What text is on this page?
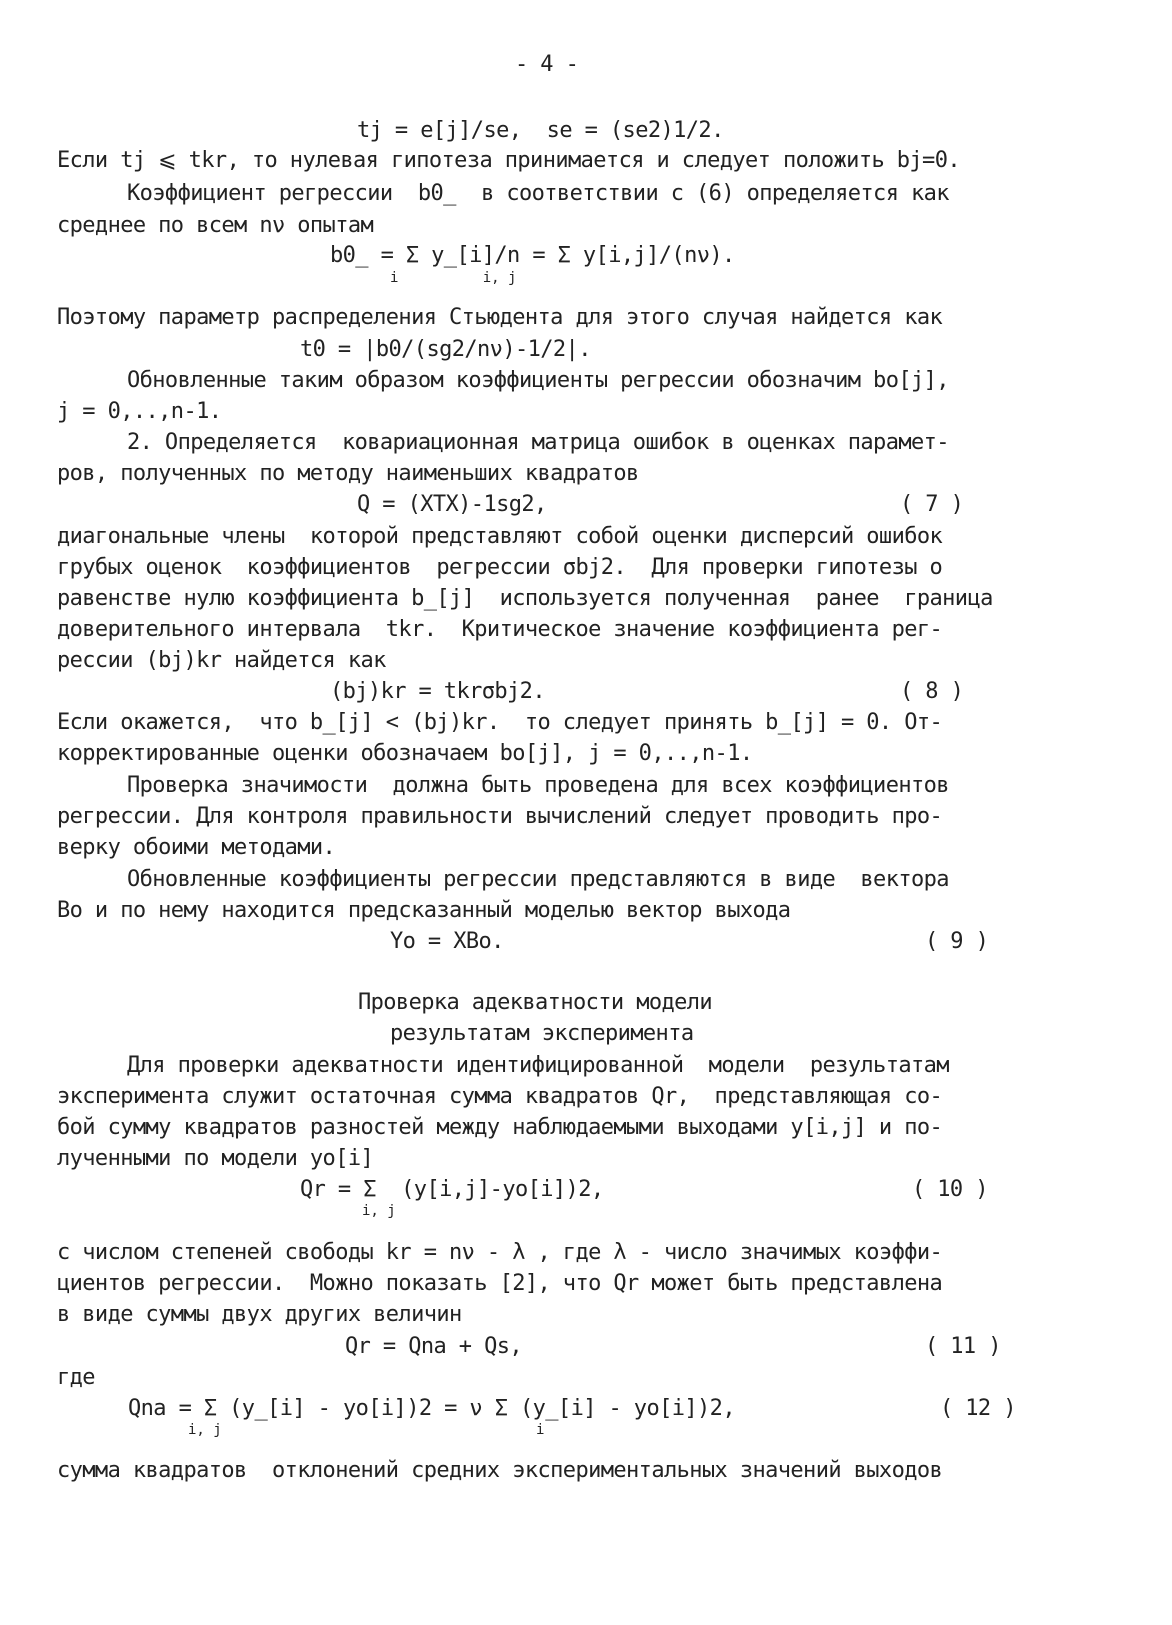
- 4 -
tj = e[j]/se,  se = (se2)1/2.
Если tj ⩽ tkr, то нулевая гипотеза принимается и следует положить bj=0.
Коэффициент регрессии  b0_  в соответствии с (6) определяется как
среднее по всем nν опытам
b0_ = Σ y_[i]/n = Σ y[i,j]/(nν).
i          i, j
Поэтому параметр распределения Стьюдента для этого случая найдется как
t0 = |b0/(sg2/nν)-1/2|.
Обновленные таким образом коэффициенты регрессии обозначим bo[j],
j = 0,..,n-1.
2. Определяется  ковариационная матрица ошибок в оценках парамет-
ров, полученных по методу наименьших квадратов
Q = (XTX)-1sg2,	( 7 )
диагональные члены  которой представляют собой оценки дисперсий ошибок
грубых оценок  коэффициентов  регрессии σbj2.  Для проверки гипотезы о
равенстве нулю коэффициента b_[j]  используется полученная  ранее  граница
доверительного интервала  tkr.  Критическое значение коэффициента рег-
рессии (bj)kr найдется как
(bj)kr = tkrσbj2.	( 8 )
Если окажется,  что b_[j] < (bj)kr.  то следует принять b_[j] = 0. От-
корректированные оценки обозначаем bo[j], j = 0,..,n-1.
Проверка значимости  должна быть проведена для всех коэффициентов
регрессии. Для контроля правильности вычислений следует проводить про-
верку обоими методами.
Обновленные коэффициенты регрессии представляются в виде  вектора
Bo и по нему находится предсказанный моделью вектор выхода
Yo = XBo.	( 9 )
Проверка адекватности модели
результатам эксперимента
Для проверки адекватности идентифицированной  модели  результатам
эксперимента служит остаточная сумма квадратов Qr,  представляющая со-
бой сумму квадратов разностей между наблюдаемыми выходами y[i,j] и по-
лученными по модели yo[i]
Qr = Σ  (y[i,j]-yo[i])2,
i, j
( 10 )
с числом степеней свободы kr = nν - λ , где λ - число значимых коэффи-
циентов регрессии.  Можно показать [2], что Qr может быть представлена
в виде суммы двух других величин
Qr = Qna + Qs,	( 11 )
где
Qna = Σ (y_[i] - yo[i])2 = ν Σ (y_[i] - yo[i])2,
i, j	i
( 12 )
сумма квадратов  отклонений средних экспериментальных значений выходов
